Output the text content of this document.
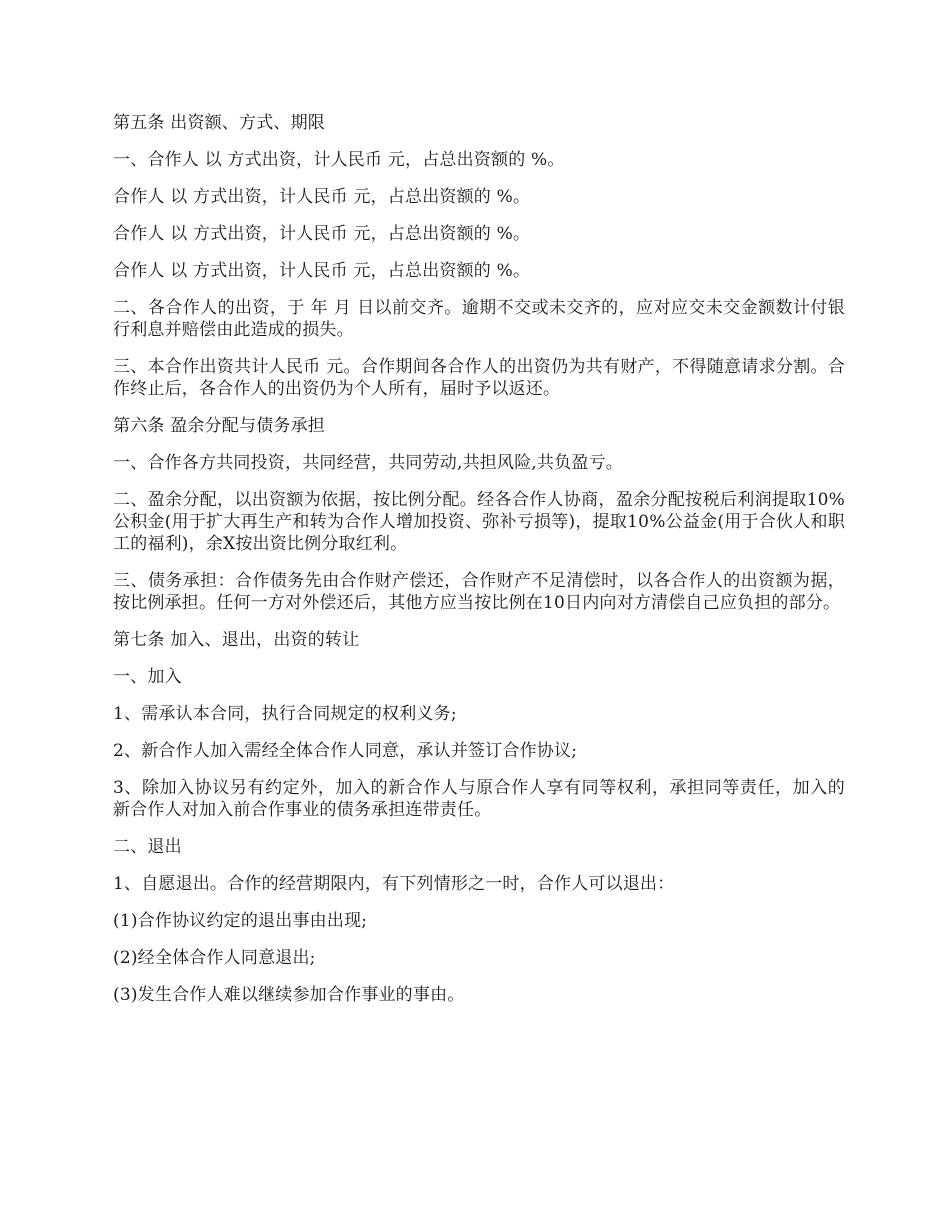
第五条 出资额、方式、期限

一、合作人 以 方式出资，计人民币 元，占总出资额的 %。

合作人 以 方式出资，计人民币 元，占总出资额的 %。

合作人 以 方式出资，计人民币 元，占总出资额的 %。

合作人 以 方式出资，计人民币 元，占总出资额的 %。

二、各合作人的出资，于 年 月 日以前交齐。逾期不交或未交齐的，应对应交未交金额数计付银行利息并赔偿由此造成的损失。

三、本合作出资共计人民币 元。合作期间各合作人的出资仍为共有财产，不得随意请求分割。合作终止后，各合作人的出资仍为个人所有，届时予以返还。

第六条 盈余分配与债务承担

一、合作各方共同投资，共同经营，共同劳动,共担风险,共负盈亏。

二、盈余分配，以出资额为依据，按比例分配。经各合作人协商，盈余分配按税后利润提取10%公积金(用于扩大再生产和转为合作人增加投资、弥补亏损等)，提取10%公益金(用于合伙人和职工的福利)，余X按出资比例分取红利。

三、债务承担：合作债务先由合作财产偿还，合作财产不足清偿时，以各合作人的出资额为据，按比例承担。任何一方对外偿还后，其他方应当按比例在10日内向对方清偿自己应负担的部分。

第七条 加入、退出，出资的转让

一、加入

1、需承认本合同，执行合同规定的权利义务;

2、新合作人加入需经全体合作人同意，承认并签订合作协议;

3、除加入协议另有约定外，加入的新合作人与原合作人享有同等权利，承担同等责任，加入的新合作人对加入前合作事业的债务承担连带责任。

二、退出

1、自愿退出。合作的经营期限内，有下列情形之一时，合作人可以退出：

(1)合作协议约定的退出事由出现;

(2)经全体合作人同意退出;

(3)发生合作人难以继续参加合作事业的事由。
